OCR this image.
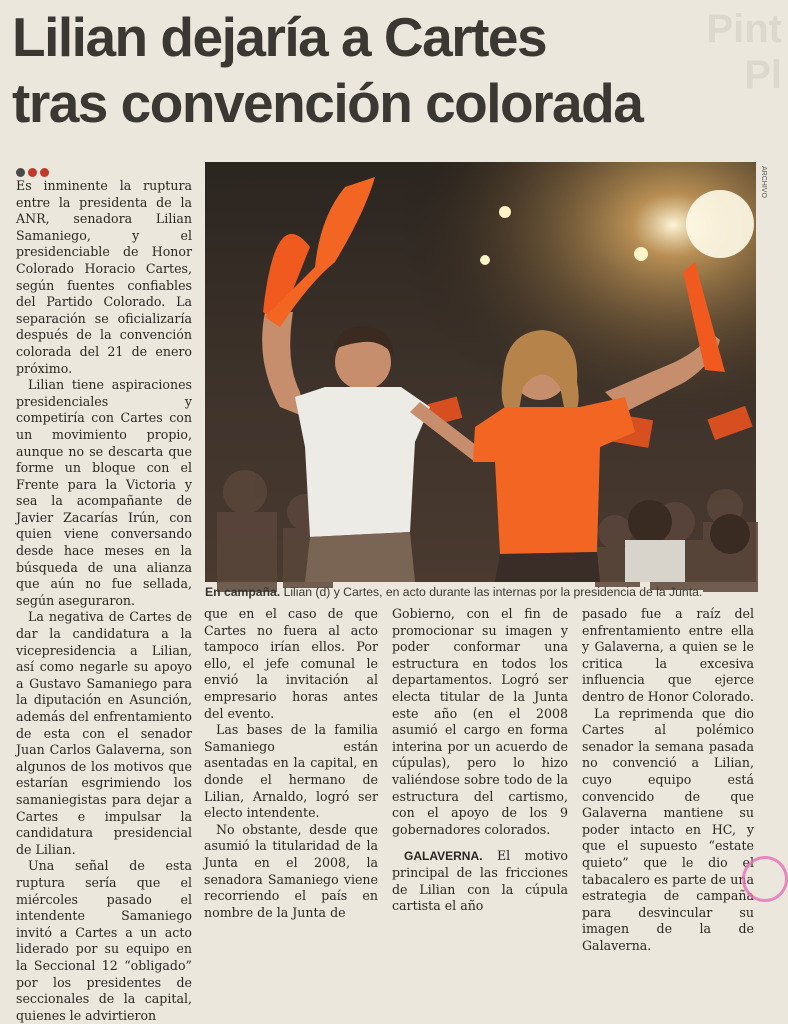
Pint
Pl
Lilian dejaría a Cartes
tras convención colorada
ARCHIVO
En campaña. Lilian (d) y Cartes, en acto durante las internas por la presidencia de la Junta.

Es inminente la ruptura entre la presidenta de la ANR, senadora Lilian Samaniego, y el presidenciable de Honor Colorado Horacio Cartes, según fuentes confiables del Partido Colorado. La separación se oficializaría después de la convención colorada del 21 de enero próximo.

Lilian tiene aspiraciones presidenciales y competiría con Cartes con un movimiento propio, aunque no se descarta que forme un bloque con el Frente para la Victoria y sea la acompañante de Javier Zacarías Irún, con quien viene conversando desde hace meses en la búsqueda de una alianza que aún no fue sellada, según aseguraron.

La negativa de Cartes de dar la candidatura a la vicepresidencia a Lilian, así como negarle su apoyo a Gustavo Samaniego para la diputación en Asunción, además del enfrentamiento de esta con el senador Juan Carlos Galaverna, son algunos de los motivos que estarían esgrimiendo los samaniegistas para dejar a Cartes e impulsar la candidatura presidencial de Lilian.

Una señal de esta ruptura sería que el miércoles pasado el intendente Samaniego invitó a Cartes a un acto liderado por su equipo en la Seccional 12 “obligado” por los presidentes de seccionales de la capital, quienes le advirtieron

que en el caso de que Cartes no fuera al acto tampoco irían ellos. Por ello, el jefe comunal le envió la invitación al empresario horas antes del evento.

Las bases de la familia Samaniego están asentadas en la capital, en donde el hermano de Lilian, Arnaldo, logró ser electo intendente.

No obstante, desde que asumió la titularidad de la Junta en el 2008, la senadora Samaniego viene recorriendo el país en nombre de la Junta de

Gobierno, con el fin de promocionar su imagen y poder conformar una estructura en todos los departamentos. Logró ser electa titular de la Junta este año (en el 2008 asumió el cargo en forma interina por un acuerdo de cúpulas), pero lo hizo valiéndose sobre todo de la estructura del cartismo, con el apoyo de los 9 gobernadores colorados.

GALAVERNA. El motivo principal de las fricciones de Lilian con la cúpula cartista el año

pasado fue a raíz del enfrentamiento entre ella y Galaverna, a quien se le critica la excesiva influencia que ejerce dentro de Honor Colorado.

La reprimenda que dio Cartes al polémico senador la semana pasada no convenció a Lilian, cuyo equipo está convencido de que Galaverna mantiene su poder intacto en HC, y que el supuesto “estate quieto” que le dio el tabacalero es parte de una estrategia de campaña para desvincular su imagen de la de Galaverna.
